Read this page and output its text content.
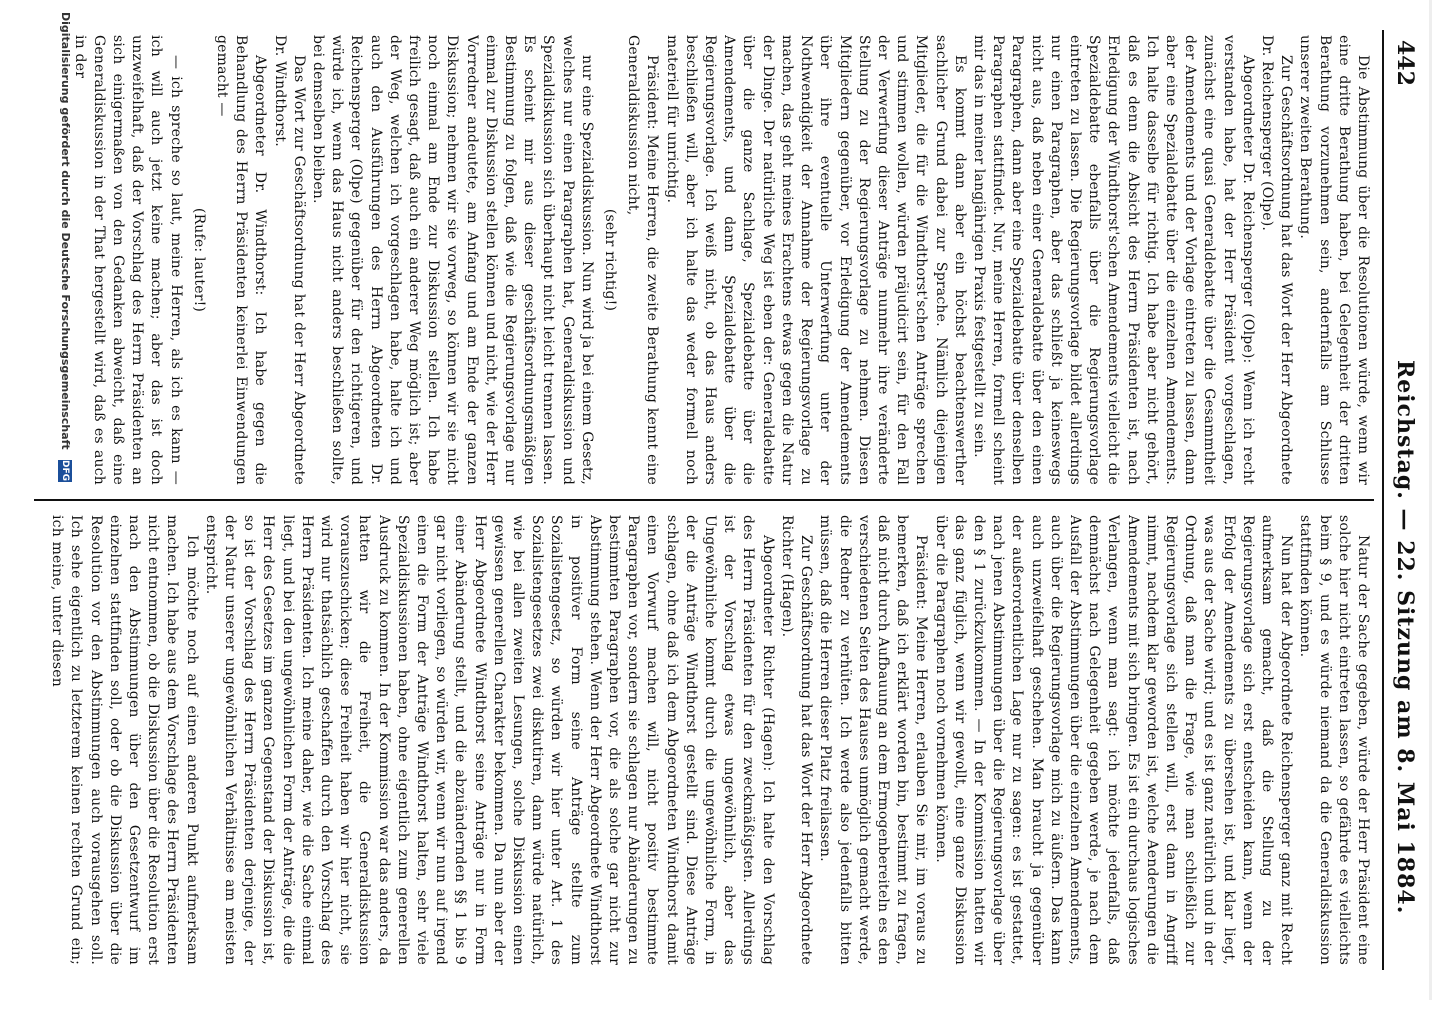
442
Reichstag. — 22. Sitzung am 8. Mai 1884.

Die Abstimmung über die Resolutionen würde, wenn wir eine dritte Berathung haben, bei Gelegenheit der dritten Berathung vorzunehmen sein, andernfalls am Schlusse unserer zweiten Berathung.

Zur Geschäftsordnung hat das Wort der Herr Abgeordnete Dr. Reichensperger (Olpe).

Abgeordneter Dr. Reichensperger (Olpe): Wenn ich recht verstanden habe, hat der Herr Präsident vorgeschlagen, zunächst eine quasi Generaldebatte über die Gesammtheit der Amendements und der Vorlage eintreten zu lassen, dann aber eine Spezialdebatte über die einzelnen Amendements. Ich halte dasselbe für richtig. Ich habe aber nicht gehört, daß es denn die Absicht des Herrn Präsidenten ist, nach Erledigung der Windthorst'schen Amendements vielleicht die Spezialdebatte ebenfalls über die Regierungsvorlage eintreten zu lassen. Die Regierungsvorlage bildet allerdings nur einen Paragraphen, aber das schließt ja keineswegs nicht aus, daß neben einer Generaldebatte über den einen Paragraphen, dann aber eine Spezialdebatte über denselben Paragraphen stattfindet. Nur, meine Herren, formell scheint mir das in meiner langjährigen Praxis festgestellt zu sein.

Es kommt dann aber ein höchst beachtenswerther sachlicher Grund dabei zur Sprache. Nämlich diejenigen Mitglieder, die für die Windthorst'schen Anträge sprechen und stimmen wollen, würden präjudicirt sein, für den Fall der Verwerfung dieser Anträge nunmehr ihre veränderte Stellung zu der Regierungsvorlage zu nehmen. Diesen Mitgliedern gegenüber, vor Erledigung der Amendements über ihre eventuelle Unterwerfung unter der Nothwendigkeit der Annahme der Regierungsvorlage zu machen, das geht meines Erachtens etwas gegen die Natur der Dinge. Der natürliche Weg ist eben der: Generaldebatte über die ganze Sachlage, Spezialdebatte über die Amendements, und dann Spezialdebatte über die Regierungsvorlage. Ich weiß nicht, ob das Haus anders beschließen will, aber ich halte das weder formell noch materiell für unrichtig.

Präsident: Meine Herren, die zweite Berathung kennt eine Generaldiskussion nicht,

(sehr richtig!)

nur eine Spezialdiskussion. Nun wird ja bei einem Gesetz, welches nur einen Paragraphen hat, Generaldiskussion und Spezialdiskussion sich überhaupt nicht leicht trennen lassen. Es scheint mir aus dieser geschäftsordnungsmäßigen Bestimmung zu folgen, daß wie die Regierungsvorlage nur einmal zur Diskussion stellen können und nicht, wie der Herr Vorredner andeutete, am Anfang und am Ende der ganzen Diskussion; nehmen wir sie vorweg, so können wir sie nicht noch einmal am Ende zur Diskussion stellen. Ich habe freilich gesagt, daß auch ein anderer Weg möglich ist; aber der Weg, welchen ich vorgeschlagen habe, halte ich und auch den Ausführungen des Herrn Abgeordneten Dr. Reichensperger (Olpe) gegenüber für den richtigeren, und würde ich, wenn das Haus nicht anders beschließen sollte, bei demselben bleiben.

Das Wort zur Geschäftsordnung hat der Herr Abgeordnete Dr. Windthorst.

Abgeordneter Dr. Windthorst: Ich habe gegen die Behandlung des Herrn Präsidenten keinerlei Einwendungen gemacht —

(Rufe: lauter!)

— ich spreche so laut, meine Herren, als ich es kann — ich will auch jetzt keine machen; aber das ist doch unzweifelhaft, daß der Vorschlag des Herrn Präsidenten an sich einigermaßen von den Gedanken abweicht, daß eine Generaldiskussion in der That hergestellt wird, daß es auch in der

Natur der Sache gegeben, würde der Herr Präsident eine solche hier nicht eintreten lassen, so gefährde es vielleichts beim § 9, und es würde niemand da die Generaldiskussion stattfinden können.

Nun hat der Abgeordnete Reichensperger ganz mit Recht aufmerksam gemacht, daß die Stellung zu der Regierungsvorlage sich erst entscheiden kann, wenn der Erfolg der Amendements zu übersehen ist, und klar liegt, was aus der Sache wird; und es ist ganz natürlich und in der Ordnung, daß man die Frage, wie man schließlich zur Regierungsvorlage sich stellen will, erst dann in Angriff nimmt, nachdem klar geworden ist, welche Aenderungen die Amendements mit sich bringen. Es ist ein durchaus logisches Verlangen, wenn man sagt: ich möchte jedenfalls, daß demnächst nach Gelegenheit gegeben werde, je nach dem Ausfall der Abstimmungen über die einzelnen Amendements, auch über die Regierungsvorlage mich zu äußern. Das kann auch unzweifelhaft geschehen. Man braucht ja gegenüber der außerordentlichen Lage nur zu sagen: es ist gestattet, nach jenen Abstimmungen über die Regierungsvorlage über den § 1 zurückzukommen. — In der Kommission hatten wir das ganz füglich, wenn wir gewollt, eine ganze Diskussion über die Paragraphen noch vornehmen können.

Präsident: Meine Herren, erlauben Sie mir, im voraus zu bemerken, daß ich erklärt worden bin, bestimmt zu fragen, daß nicht durch Aufbauung an dem Ermogenbereiteln es den verschiedenen Seiten des Hauses unmöglich gemacht werde, die Redner zu verhüten. Ich werde also jedenfalls bitten müssen, daß die Herren dieser Platz freilassen.

Zur Geschäftsordnung hat das Wort der Herr Abgeordnete Richter (Hagen).

Abgeordneter Richter (Hagen): Ich halte den Vorschlag des Herrn Präsidenten für den zweckmäßigsten. Allerdings ist der Vorschlag etwas ungewöhnlich, aber das Ungewöhnliche kommt durch die ungewöhnliche Form, in der die Anträge Windthorst gestellt sind. Diese Anträge schlagen, ohne daß ich dem Abgeordneten Windthorst damit einen Vorwurf machen will, nicht positiv bestimmte Paragraphen vor, sondern sie schlagen nur Abänderungen zu bestimmten Paragraphen vor, die als solche gar nicht zur Abstimmung stehen. Wenn der Herr Abgeordnete Windthorst in positiver Form seine Anträge stellte zum Sozialistengesetz, so würden wir hier unter Art. 1 des Sozialistengesetzes zwei diskutiren, dann würde natürlich, wie bei allen zweiten Lesungen, solche Diskussion einen gewissen generellen Charakter bekommen. Da nun aber der Herr Abgeordnete Windthorst seine Anträge nur in Form einer Abänderung stellt, und die abzuändernden §§ 1 bis 9 gar nicht vorliegen, so würden wir, wenn wir nun auf irgend einen die Form der Anträge Windthorst halten, sehr viele Spezialdiskussionen haben, ohne eigentlich zum generellen Ausdruck zu kommen. In der Kommission war das anders, da hatten wir die Freiheit, die Generaldiskussion vorauszuschicken; diese Freiheit haben wir hier nicht, sie wird nur thatsächlich geschaffen durch den Vorschlag des Herrn Präsidenten. Ich meine daher, wie die Sache einmal liegt, und bei den ungewöhnlichen Form der Anträge, die die Herr des Gesetzes im ganzen Gegenstand der Diskussion ist, so ist der Vorschlag des Herrn Präsidenten derjenige, der der Natur unserer ungewöhnlichen Verhältnisse am meisten entspricht.

Ich möchte noch auf einen anderen Punkt aufmerksam machen. Ich habe aus dem Vorschlage des Herrn Präsidenten nicht entnommen, ob die Diskussion über die Resolution erst nach den Abstimmungen über den Gesetzentwurf im einzelnen stattfinden soll, oder ob die Diskussion über die Resolution vor den Abstimmungen auch vorausgehen soll. Ich sehe eigentlich zu letzterem keinen rechten Grund ein; ich meine, unter diesen

Digitalisierung gefördert durch die Deutsche Forschungsgemeinschaft DFG
